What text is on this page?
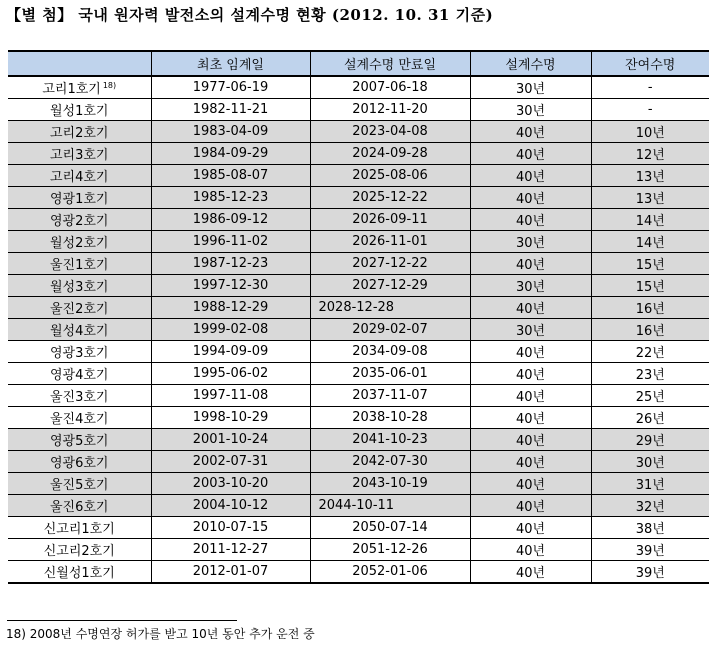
【별 첨】 국내 원자력 발전소의 설계수명 현황 (2012. 10. 31 기준)
	최초 임계일	설계수명 만료일	설계수명	잔여수명
고리1호기 $^{18)}$	1977-06-19	2007-06-18	30년	-
월성1호기	1982-11-21	2012-11-20	30년	-
고리2호기	1983-04-09	2023-04-08	40년	10년
고리3호기	1984-09-29	2024-09-28	40년	12년
고리4호기	1985-08-07	2025-08-06	40년	13년
영광1호기	1985-12-23	2025-12-22	40년	13년
영광2호기	1986-09-12	2026-09-11	40년	14년
월성2호기	1996-11-02	2026-11-01	30년	14년
울진1호기	1987-12-23	2027-12-22	40년	15년
월성3호기	1997-12-30	2027-12-29	30년	15년
울진2호기	1988-12-29	2028-12-28	40년	16년
월성4호기	1999-02-08	2029-02-07	30년	16년
영광3호기	1994-09-09	2034-09-08	40년	22년
영광4호기	1995-06-02	2035-06-01	40년	23년
울진3호기	1997-11-08	2037-11-07	40년	25년
울진4호기	1998-10-29	2038-10-28	40년	26년
영광5호기	2001-10-24	2041-10-23	40년	29년
영광6호기	2002-07-31	2042-07-30	40년	30년
울진5호기	2003-10-20	2043-10-19	40년	31년
울진6호기	2004-10-12	2044-10-11	40년	32년
신고리1호기	2010-07-15	2050-07-14	40년	38년
신고리2호기	2011-12-27	2051-12-26	40년	39년
신월성1호기	2012-01-07	2052-01-06	40년	39년
18) 2008년 수명연장 허가를 받고 10년 동안 추가 운전 중
